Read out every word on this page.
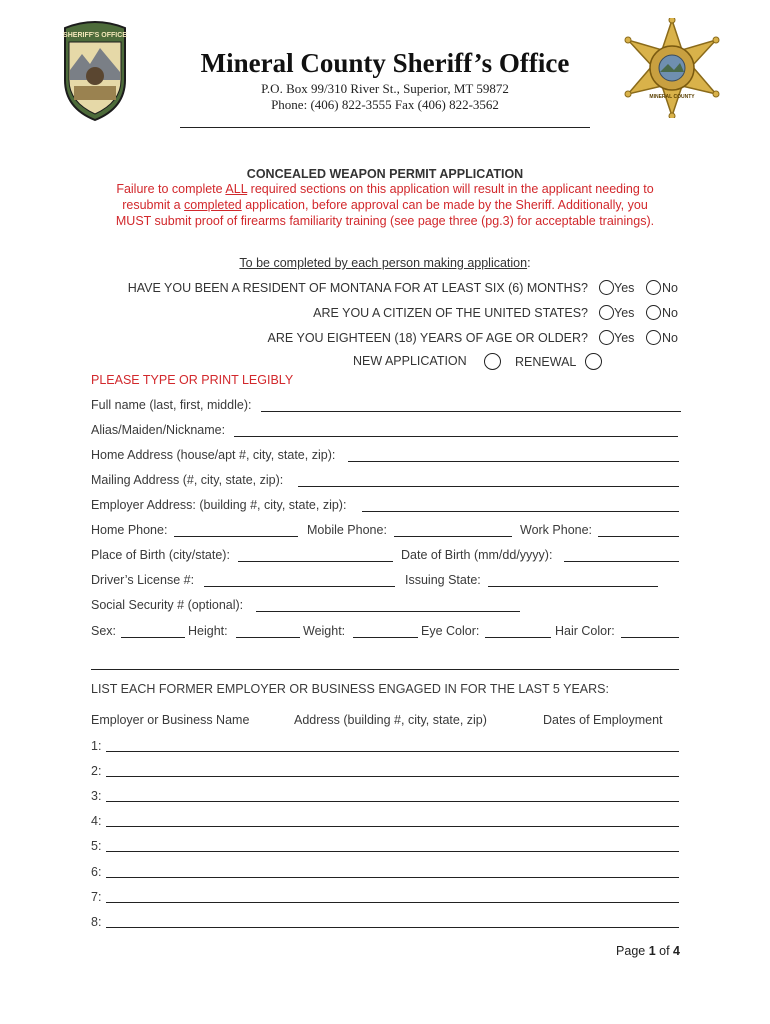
SHERIFF'S OFFICE
MINERAL COUNTY
Mineral County Sheriff’s Office
P.O. Box 99/310 River St., Superior, MT 59872
Phone: (406) 822-3555 Fax (406) 822-3562
CONCEALED WEAPON PERMIT APPLICATION
Failure to complete ALL required sections on this application will result in the applicant needing to
resubmit a completed application, before approval can be made by the Sheriff. Additionally, you
MUST submit proof of firearms familiarity training (see page three (pg.3) for acceptable trainings).
To be completed by each person making application:
HAVE YOU BEEN A RESIDENT OF MONTANA FOR AT LEAST SIX (6) MONTHS? Yes No
ARE YOU A CITIZEN OF THE UNITED STATES? Yes No
ARE YOU EIGHTEEN (18) YEARS OF AGE OR OLDER? Yes No
NEW APPLICATION	RENEWAL
PLEASE TYPE OR PRINT LEGIBLY
Full name (last, first, middle):
Alias/Maiden/Nickname:
Home Address (house/apt #, city, state, zip):
Mailing Address (#, city, state, zip):
Employer Address: (building #, city, state, zip):
Home Phone:	Mobile Phone:	Work Phone:
Place of Birth (city/state):	Date of Birth (mm/dd/yyyy):
Driver’s License #:	Issuing State:
Social Security # (optional):
Sex:	Height:	Weight:	Eye Color:	Hair Color:
LIST EACH FORMER EMPLOYER OR BUSINESS ENGAGED IN FOR THE LAST 5 YEARS:
Employer or Business Name	Address (building #, city, state, zip)	Dates of Employment
1:
2:
3:
4:
5:
6:
7:
8:
Page 1 of 4
